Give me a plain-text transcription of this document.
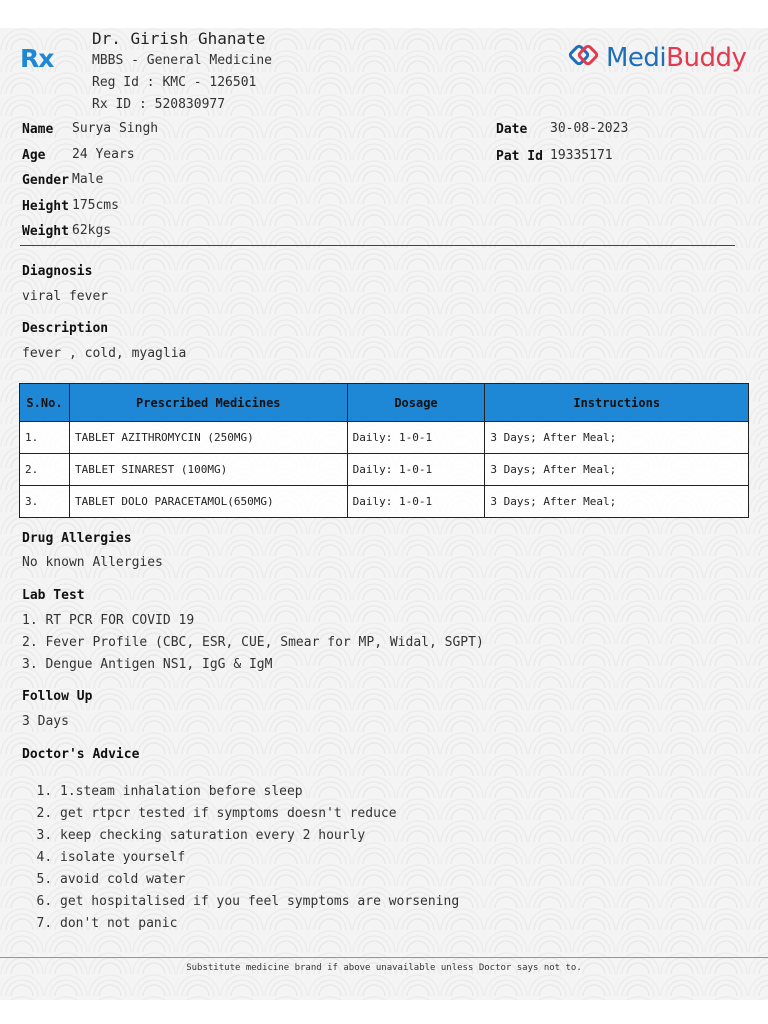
Rx
Dr. Girish Ghanate
MBBS - General Medicine
Reg Id : KMC - 126501
Rx ID : 520830977
MediBuddy
Name Surya Singh
Age 24 Years
Gender Male
Height 175cms
Weight 62kgs
Date 30-08-2023
Pat Id 19335171
Diagnosis
viral fever
Description
fever , cold, myaglia
S.No.	Prescribed Medicines	Dosage	Instructions
1.	TABLET AZITHROMYCIN (250MG)	Daily: 1-0-1	3 Days; After Meal;
2.	TABLET SINAREST (100MG)	Daily: 1-0-1	3 Days; After Meal;
3.	TABLET DOLO PARACETAMOL(650MG)	Daily: 1-0-1	3 Days; After Meal;
Drug Allergies
No known Allergies
Lab Test
1. RT PCR FOR COVID 19
2. Fever Profile (CBC, ESR, CUE, Smear for MP, Widal, SGPT)
3. Dengue Antigen NS1, IgG & IgM
Follow Up
3 Days
Doctor's Advice
1. 1.steam inhalation before sleep
2. get rtpcr tested if symptoms doesn't reduce
3. keep checking saturation every 2 hourly
4. isolate yourself
5. avoid cold water
6. get hospitalised if you feel symptoms are worsening
7. don't not panic
Substitute medicine brand if above unavailable unless Doctor says not to.
